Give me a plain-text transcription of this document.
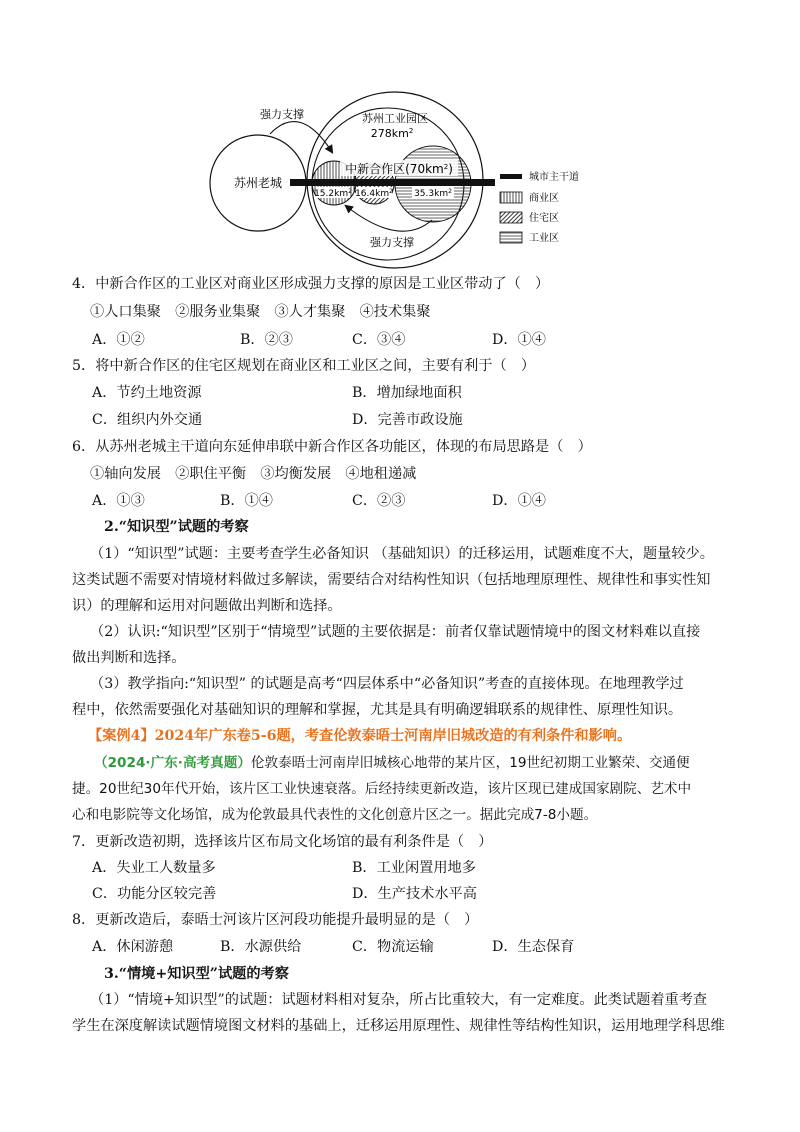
苏州老城
苏州工业园区
$278km^2$
中新合作区$(70km^2)$
$15.2km^2$ $16.4km^2$ $35.3km^2$
强力支撑
强力支撑
城市主干道
商业区
住宅区
工业区
4．中新合作区的工业区对商业区形成强力支撑的原因是工业区带动了（　）
①人口集聚　②服务业集聚　③人才集聚　④技术集聚
A．①②	B．②③	C．③④	D．①④
5．将中新合作区的住宅区规划在商业区和工业区之间，主要有利于（　）
A．节约土地资源	B．增加绿地面积
C．组织内外交通	D．完善市政设施
6．从苏州老城主干道向东延伸串联中新合作区各功能区，体现的布局思路是（　）
①轴向发展　②职住平衡　③均衡发展　④地租递减
A．①③	B．①④	C．②③	D．①④
2.“知识型”试题的考察
（1）“知识型”试题：主要考查学生必备知识 （基础知识）的迁移运用，试题难度不大，题量较少。
这类试题不需要对情境材料做过多解读，需要结合对结构性知识（包括地理原理性、规律性和事实性知
识）的理解和运用对问题做出判断和选择。
（2）认识:“知识型”区别于“情境型”试题的主要依据是：前者仅靠试题情境中的图文材料难以直接
做出判断和选择。
（3）教学指向:“知识型” 的试题是高考“四层体系中“必备知识”考查的直接体现。在地理教学过
程中，依然需要强化对基础知识的理解和掌握，尤其是具有明确逻辑联系的规律性、原理性知识。
【案例4】2024年广东卷5-6题，考查伦敦泰晤士河南岸旧城改造的有利条件和影响。
（2024·广东·高考真题）伦敦泰晤士河南岸旧城核心地带的某片区，19世纪初期工业繁荣、交通便
捷。20世纪30年代开始，该片区工业快速衰落。后经持续更新改造，该片区现已建成国家剧院、艺术中
心和电影院等文化场馆，成为伦敦最具代表性的文化创意片区之一。据此完成7-8小题。
7．更新改造初期，选择该片区布局文化场馆的最有利条件是（　）
A．失业工人数量多	B．工业闲置用地多
C．功能分区较完善	D．生产技术水平高
8．更新改造后，泰晤士河该片区河段功能提升最明显的是（　）
A．休闲游憩	B．水源供给	C．物流运输	D．生态保育
3.“情境+知识型”试题的考察
（1）“情境+知识型”的试题：试题材料相对复杂，所占比重较大，有一定难度。此类试题着重考查
学生在深度解读试题情境图文材料的基础上，迁移运用原理性、规律性等结构性知识，运用地理学科思维
